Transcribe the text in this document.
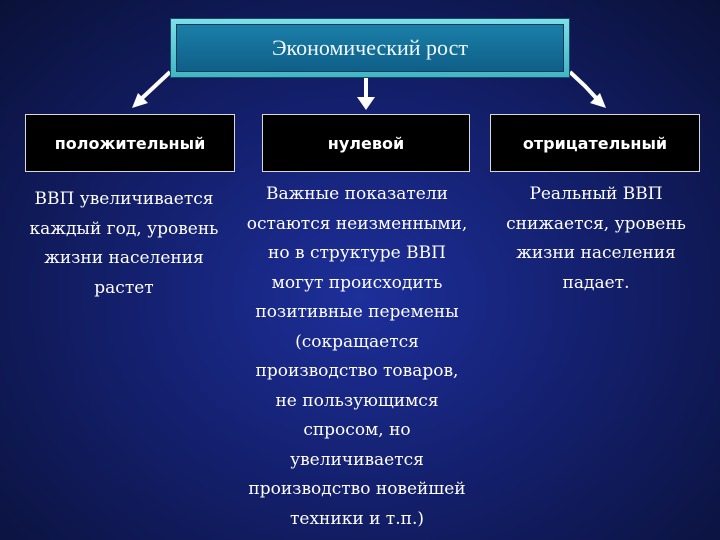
Экономический рост
положительный	нулевой	отрицательный
ВВП увеличивается
каждый год, уровень
жизни населения
растет
Важные показатели
остаются неизменными,
но в структуре ВВП
могут происходить
позитивные перемены
(сокращается
производство товаров,
не пользующимся
спросом, но
увеличивается
производство новейшей
техники и т.п.)
Реальный ВВП
снижается, уровень
жизни населения
падает.
